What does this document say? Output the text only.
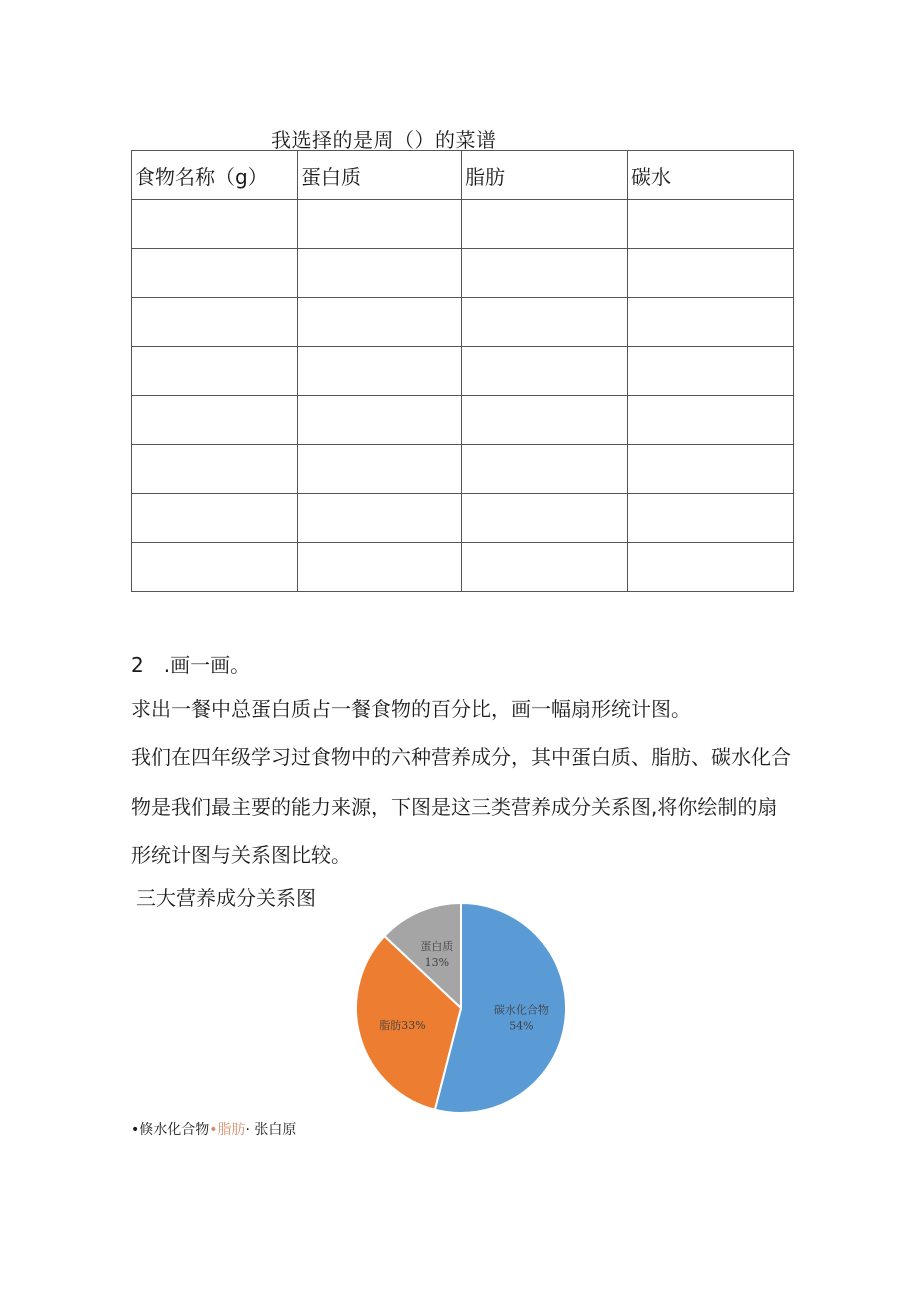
我选择的是周（）的菜谱
食物名称（g）	蛋白质	脂肪	碳水

2　.画一画。
求出一餐中总蛋白质占一餐食物的百分比，画一幅扇形统计图。
我们在四年级学习过食物中的六种营养成分，其中蛋白质、脂肪、碳水化合
物是我们最主要的能力来源，下图是这三类营养成分关系图,将你绘制的扇
形统计图与关系图比较。
三大营养成分关系图
碳水化合物
54%
脂肪33%
蛋白质
13%
•倏水化合物•脂肪· 张白原
